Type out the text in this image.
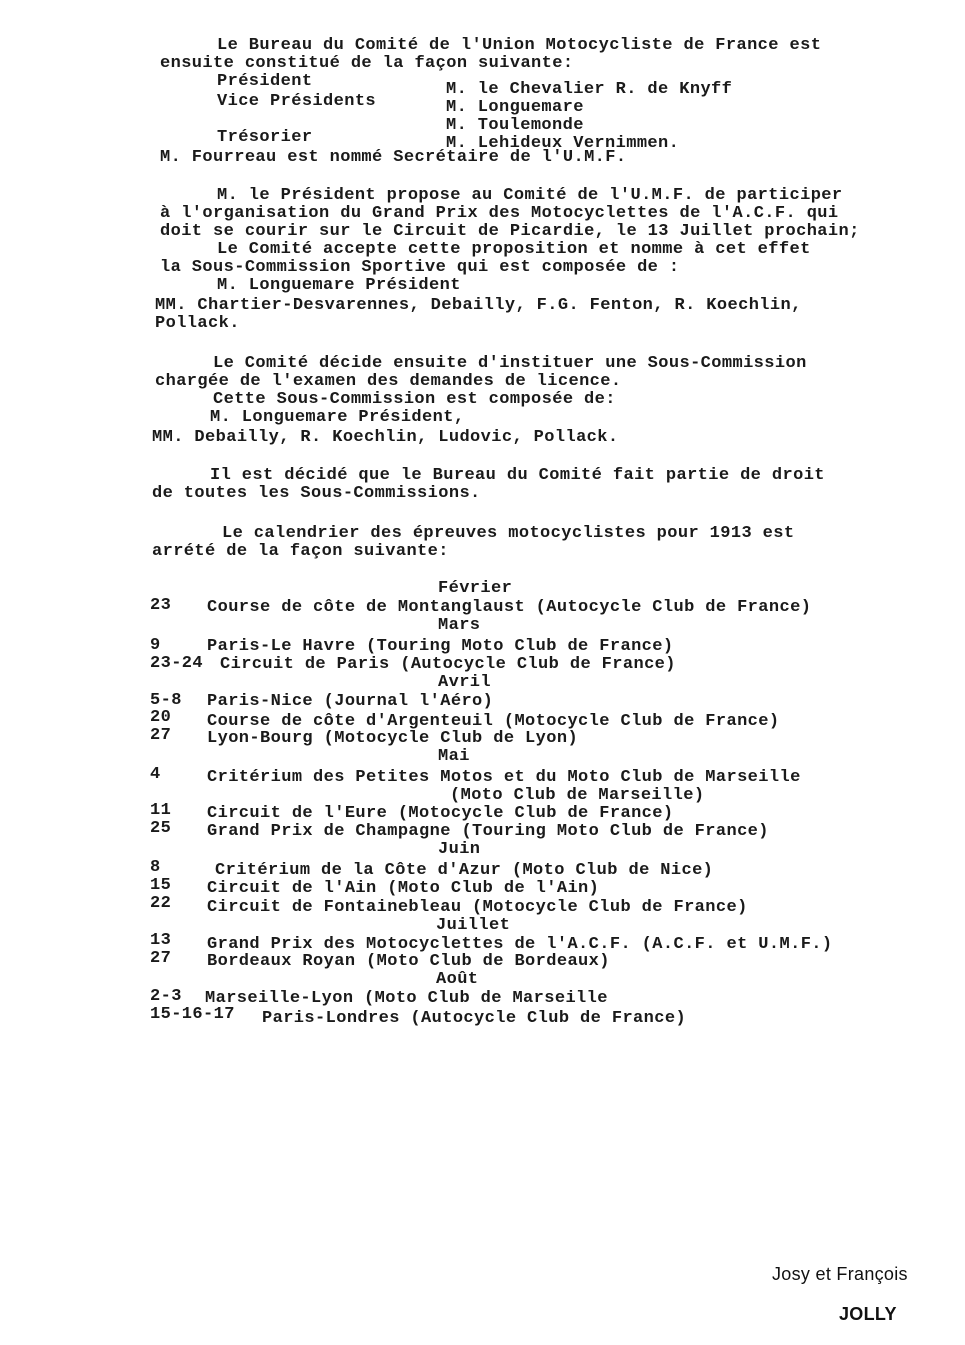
Le Bureau du Comité de l'Union Motocycliste de France est
ensuite constitué de la façon suivante:
Président	M. le Chevalier R. de Knyff
Vice Présidents	M. Longuemare
M. Toulemonde
Trésorier	M. Lehideux Vernimmen.
M. Fourreau est nommé Secrétaire de l'U.M.F.
M. le Président propose au Comité de l'U.M.F. de participer
à l'organisation du Grand Prix des Motocyclettes de l'A.C.F. qui
doit se courir sur le Circuit de Picardie, le 13 Juillet prochain;
Le Comité accepte cette proposition et nomme à cet effet
la Sous-Commission Sportive qui est composée de :
M. Longuemare Président
MM. Chartier-Desvarennes, Debailly, F.G. Fenton, R. Koechlin,
Pollack.
Le Comité décide ensuite d'instituer une Sous-Commission
chargée de l'examen des demandes de licence.
Cette Sous-Commission est composée de:
M. Longuemare Président,
MM. Debailly, R. Koechlin, Ludovic, Pollack.
Il est décidé que le Bureau du Comité fait partie de droit
de toutes les Sous-Commissions.
Le calendrier des épreuves motocyclistes pour 1913 est
arrété de la façon suivante:
Février
23 Course de côte de Montanglaust (Autocycle Club de France)
Mars
9	Paris-Le Havre (Touring Moto Club de France)
23-24 Circuit de Paris (Autocycle Club de France)
Avril
5-8 Paris-Nice (Journal l'Aéro)
20 Course de côte d'Argenteuil (Motocycle Club de France)
27 Lyon-Bourg (Motocycle Club de Lyon)
Mai
4	Critérium des Petites Motos et du Moto Club de Marseille
(Moto Club de Marseille)
11 Circuit de l'Eure (Motocycle Club de France)
25 Grand Prix de Champagne (Touring Moto Club de France)
Juin
8	Critérium de la Côte d'Azur (Moto Club de Nice)
15 Circuit de l'Ain (Moto Club de l'Ain)
22 Circuit de Fontainebleau (Motocycle Club de France)
Juillet
13 Grand Prix des Motocyclettes de l'A.C.F. (A.C.F. et U.M.F.)
27 Bordeaux Royan (Moto Club de Bordeaux)
Août
2-3 Marseille-Lyon (Moto Club de Marseille
15-16-17 Paris-Londres (Autocycle Club de France)
Josy et François
JOLLY
